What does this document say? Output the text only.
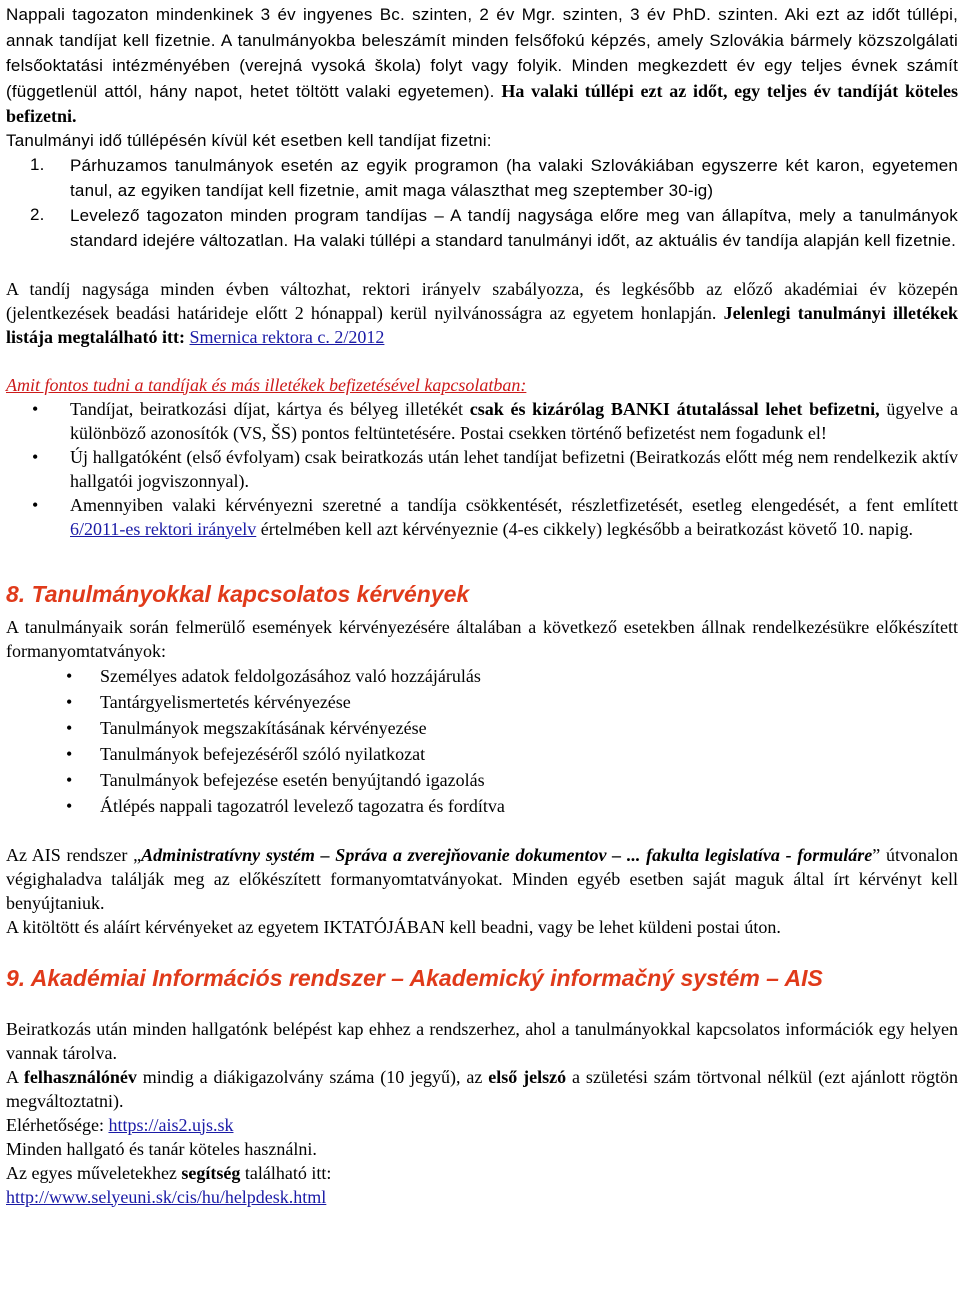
Nappali tagozaton mindenkinek 3 év ingyenes Bc. szinten, 2 év Mgr. szinten, 3 év PhD. szinten. Aki ezt az időt túllépi, annak tandíjat kell fizetnie. A tanulmányokba beleszámít minden felsőfokú képzés, amely Szlovákia bármely közszolgálati felsőoktatási intézményében (verejná vysoká škola) folyt vagy folyik. Minden megkezdett év egy teljes évnek számít (függetlenül attól, hány napot, hetet töltött valaki egyetemen). Ha valaki túllépi ezt az időt, egy teljes év tandíját köteles befizetni.

Tanulmányi idő túllépésén kívül két esetben kell tandíjat fizetni:

1. Párhuzamos tanulmányok esetén az egyik programon (ha valaki Szlovákiában egyszerre két karon, egyetemen tanul, az egyiken tandíjat kell fizetnie, amit maga választhat meg szeptember 30-ig)
2. Levelező tagozaton minden program tandíjas – A tandíj nagysága előre meg van állapítva, mely a tanulmányok standard idejére változatlan. Ha valaki túllépi a standard tanulmányi időt, az aktuális év tandíja alapján kell fizetnie.

A tandíj nagysága minden évben változhat, rektori irányelv szabályozza, és legkésőbb az előző akadémiai év közepén (jelentkezések beadási határideje előtt 2 hónappal) kerül nyilvánosságra az egyetem honlapján. Jelenlegi tanulmányi illetékek listája megtalálható itt: Smernica rektora c. 2/2012

Amit fontos tudni a tandíjak és más illetékek befizetésével kapcsolatban:

• Tandíjat, beiratkozási díjat, kártya és bélyeg illetékét csak és kizárólag BANKI átutalással lehet befizetni, ügyelve a különböző azonosítók (VS, ŠS) pontos feltüntetésére. Postai csekken történő befizetést nem fogadunk el!
• Új hallgatóként (első évfolyam) csak beiratkozás után lehet tandíjat befizetni (Beiratkozás előtt még nem rendelkezik aktív hallgatói jogviszonnyal).
• Amennyiben valaki kérvényezni szeretné a tandíja csökkentését, részletfizetését, esetleg elengedését, a fent említett 6/2011-es rektori irányelv értelmében kell azt kérvényeznie (4-es cikkely) legkésőbb a beiratkozást követő 10. napig.
8. Tanulmányokkal kapcsolatos kérvények

A tanulmányaik során felmerülő események kérvényezésére általában a következő esetekben állnak rendelkezésükre előkészített formanyomtatványok:

• Személyes adatok feldolgozásához való hozzájárulás
• Tantárgyelismertetés kérvényezése
• Tanulmányok megszakításának kérvényezése
• Tanulmányok befejezéséről szóló nyilatkozat
• Tanulmányok befejezése esetén benyújtandó igazolás
• Átlépés nappali tagozatról levelező tagozatra és fordítva

Az AIS rendszer „Administratívny systém – Správa a zverejňovanie dokumentov – ... fakulta legislatíva - formuláre” útvonalon végighaladva találják meg az előkészített formanyomtatványokat. Minden egyéb esetben saját maguk által írt kérvényt kell benyújtaniuk.

A kitöltött és aláírt kérvényeket az egyetem IKTATÓJÁBAN kell beadni, vagy be lehet küldeni postai úton.

9. Akadémiai Információs rendszer – Akademický informačný systém – AIS

Beiratkozás után minden hallgatónk belépést kap ehhez a rendszerhez, ahol a tanulmányokkal kapcsolatos információk egy helyen vannak tárolva.

A felhasználónév mindig a diákigazolvány száma (10 jegyű), az első jelszó a születési szám törtvonal nélkül (ezt ajánlott rögtön megváltoztatni).

Elérhetősége: https://ais2.ujs.sk

Minden hallgató és tanár köteles használni.

Az egyes műveletekhez segítség található itt:

http://www.selyeuni.sk/cis/hu/helpdesk.html
